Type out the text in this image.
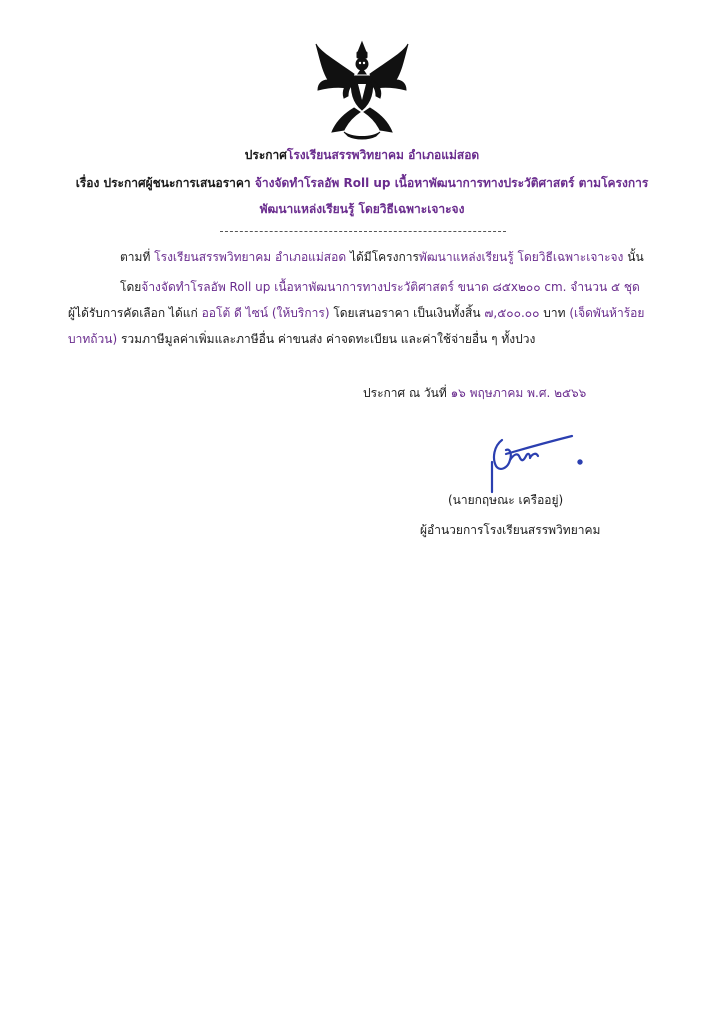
ประกาศโรงเรียนสรรพวิทยาคม อำเภอแม่สอด
เรื่อง ประกาศผู้ชนะการเสนอราคา จ้างจัดทำโรลอัพ Roll up เนื้อหาพัฒนาการทางประวัติศาสตร์ ตามโครงการ
พัฒนาแหล่งเรียนรู้ โดยวิธีเฉพาะเจาะจง
ตามที่ โรงเรียนสรรพวิทยาคม อำเภอแม่สอด ได้มีโครงการพัฒนาแหล่งเรียนรู้ โดยวิธีเฉพาะเจาะจง นั้น
โดยจ้างจัดทำโรลอัพ Roll up เนื้อหาพัฒนาการทางประวัติศาสตร์ ขนาด ๘๕x๒๐๐ cm. จำนวน ๕ ชุด
ผู้ได้รับการคัดเลือก ได้แก่ ออโต้ ดี ไซน์ (ให้บริการ) โดยเสนอราคา เป็นเงินทั้งสิ้น ๗,๕๐๐.๐๐ บาท (เจ็ดพันห้าร้อย
บาทถ้วน) รวมภาษีมูลค่าเพิ่มและภาษีอื่น ค่าขนส่ง ค่าจดทะเบียน และค่าใช้จ่ายอื่น ๆ ทั้งปวง
ประกาศ ณ วันที่ ๑๖ พฤษภาคม พ.ศ. ๒๕๖๖
(นายกฤษณะ เครืออยู่)
ผู้อำนวยการโรงเรียนสรรพวิทยาคม
